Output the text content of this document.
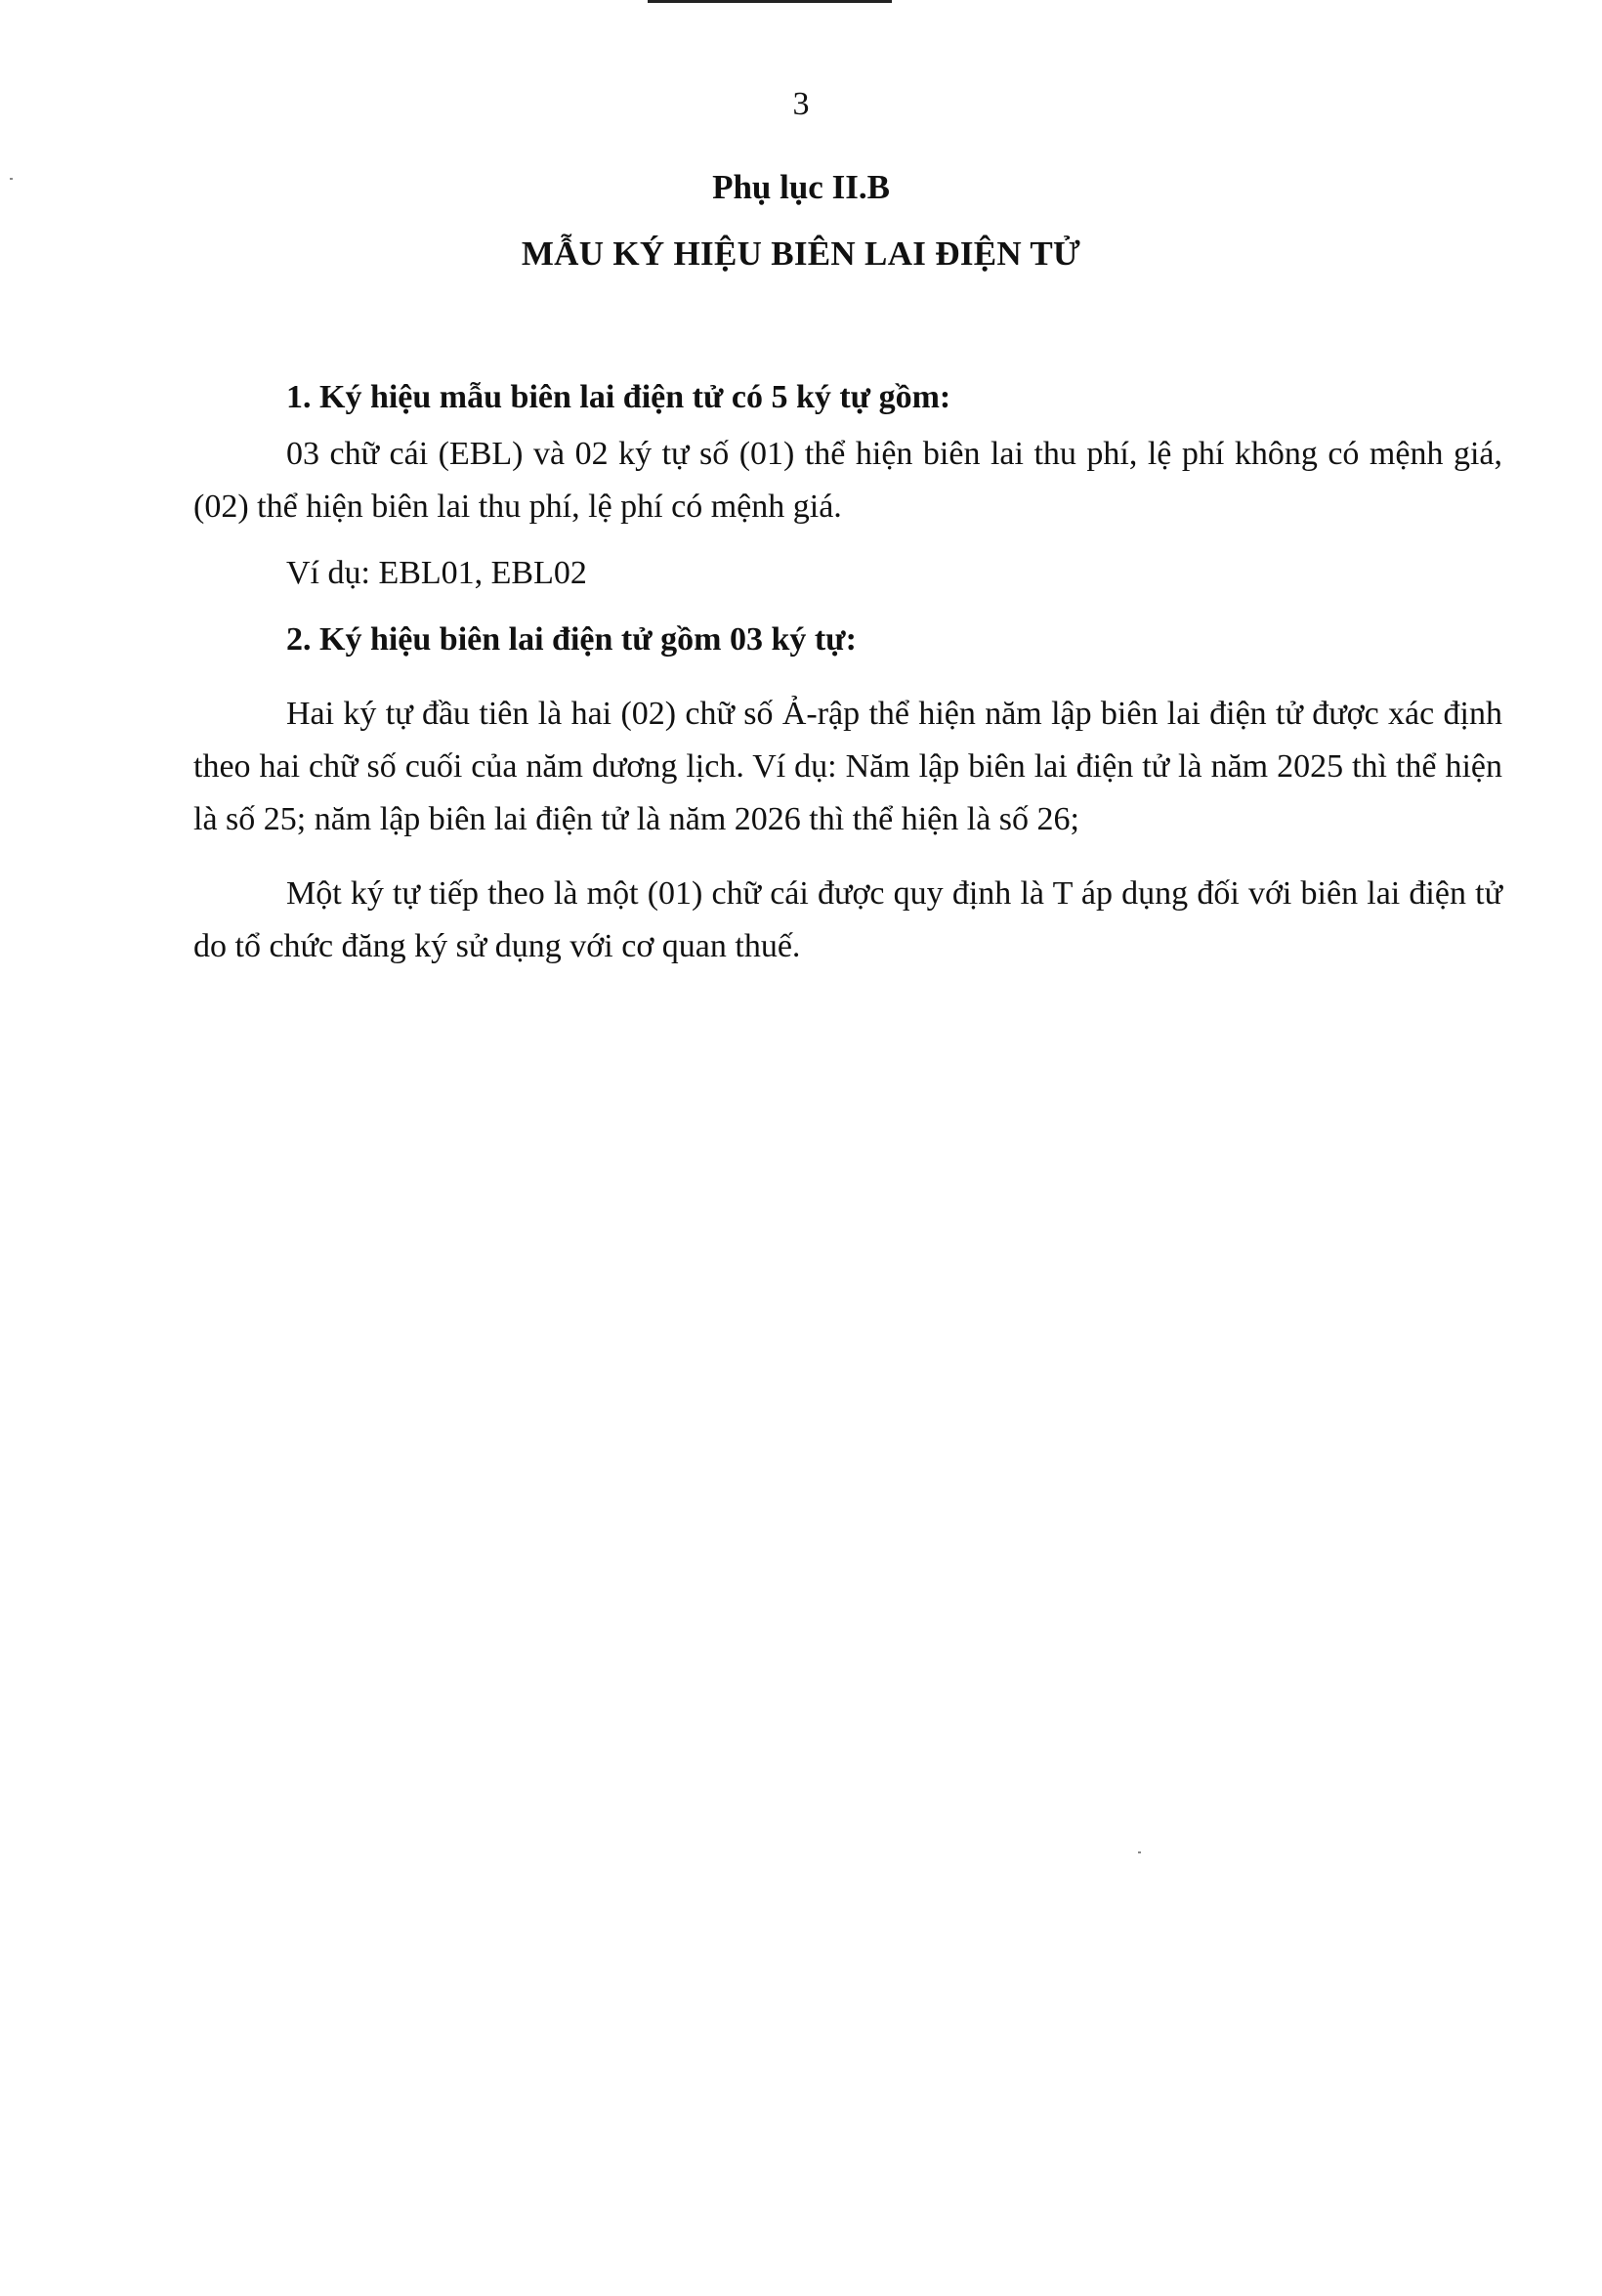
3
Phụ lục II.B
MẪU KÝ HIỆU BIÊN LAI ĐIỆN TỬ

1. Ký hiệu mẫu biên lai điện tử có 5 ký tự gồm:

03 chữ cái (EBL) và 02 ký tự số (01) thể hiện biên lai thu phí, lệ phí không có mệnh giá, (02) thể hiện biên lai thu phí, lệ phí có mệnh giá.

Ví dụ: EBL01, EBL02

2. Ký hiệu biên lai điện tử gồm 03 ký tự:

Hai ký tự đầu tiên là hai (02) chữ số Ả-rập thể hiện năm lập biên lai điện tử được xác định theo hai chữ số cuối của năm dương lịch. Ví dụ: Năm lập biên lai điện tử là năm 2025 thì thể hiện là số 25; năm lập biên lai điện tử là năm 2026 thì thể hiện là số 26;

Một ký tự tiếp theo là một (01) chữ cái được quy định là T áp dụng đối với biên lai điện tử do tổ chức đăng ký sử dụng với cơ quan thuế.
